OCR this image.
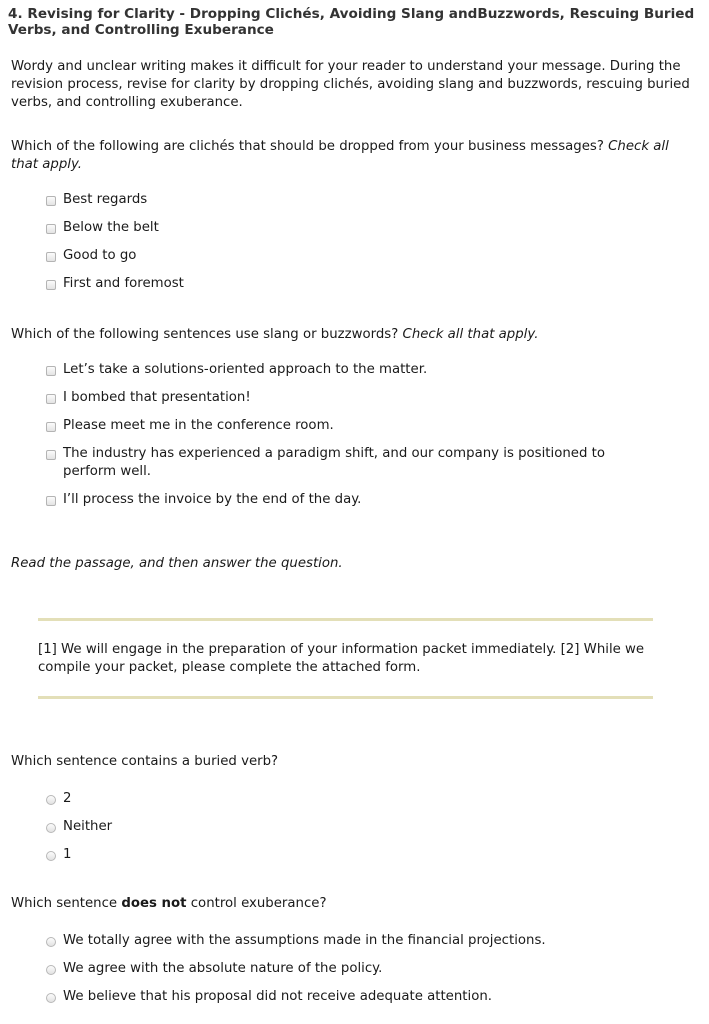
4. Revising for Clarity - Dropping Clichés, Avoiding Slang andBuzzwords, Rescuing Buried Verbs, and Controlling Exuberance
Wordy and unclear writing makes it difficult for your reader to understand your message. During the revision process, revise for clarity by dropping clichés, avoiding slang and buzzwords, rescuing buried verbs, and controlling exuberance.
Which of the following are clichés that should be dropped from your business messages? Check all that apply.
Best regards
Below the belt
Good to go
First and foremost
Which of the following sentences use slang or buzzwords? Check all that apply.
Let’s take a solutions-oriented approach to the matter.
I bombed that presentation!
Please meet me in the conference room.
The industry has experienced a paradigm shift, and our company is positioned to perform well.
I’ll process the invoice by the end of the day.
Read the passage, and then answer the question.
[1] We will engage in the preparation of your information packet immediately. [2] While we compile your packet, please complete the attached form.
Which sentence contains a buried verb?
2
Neither
1
Which sentence does not control exuberance?
We totally agree with the assumptions made in the financial projections.
We agree with the absolute nature of the policy.
We believe that his proposal did not receive adequate attention.
